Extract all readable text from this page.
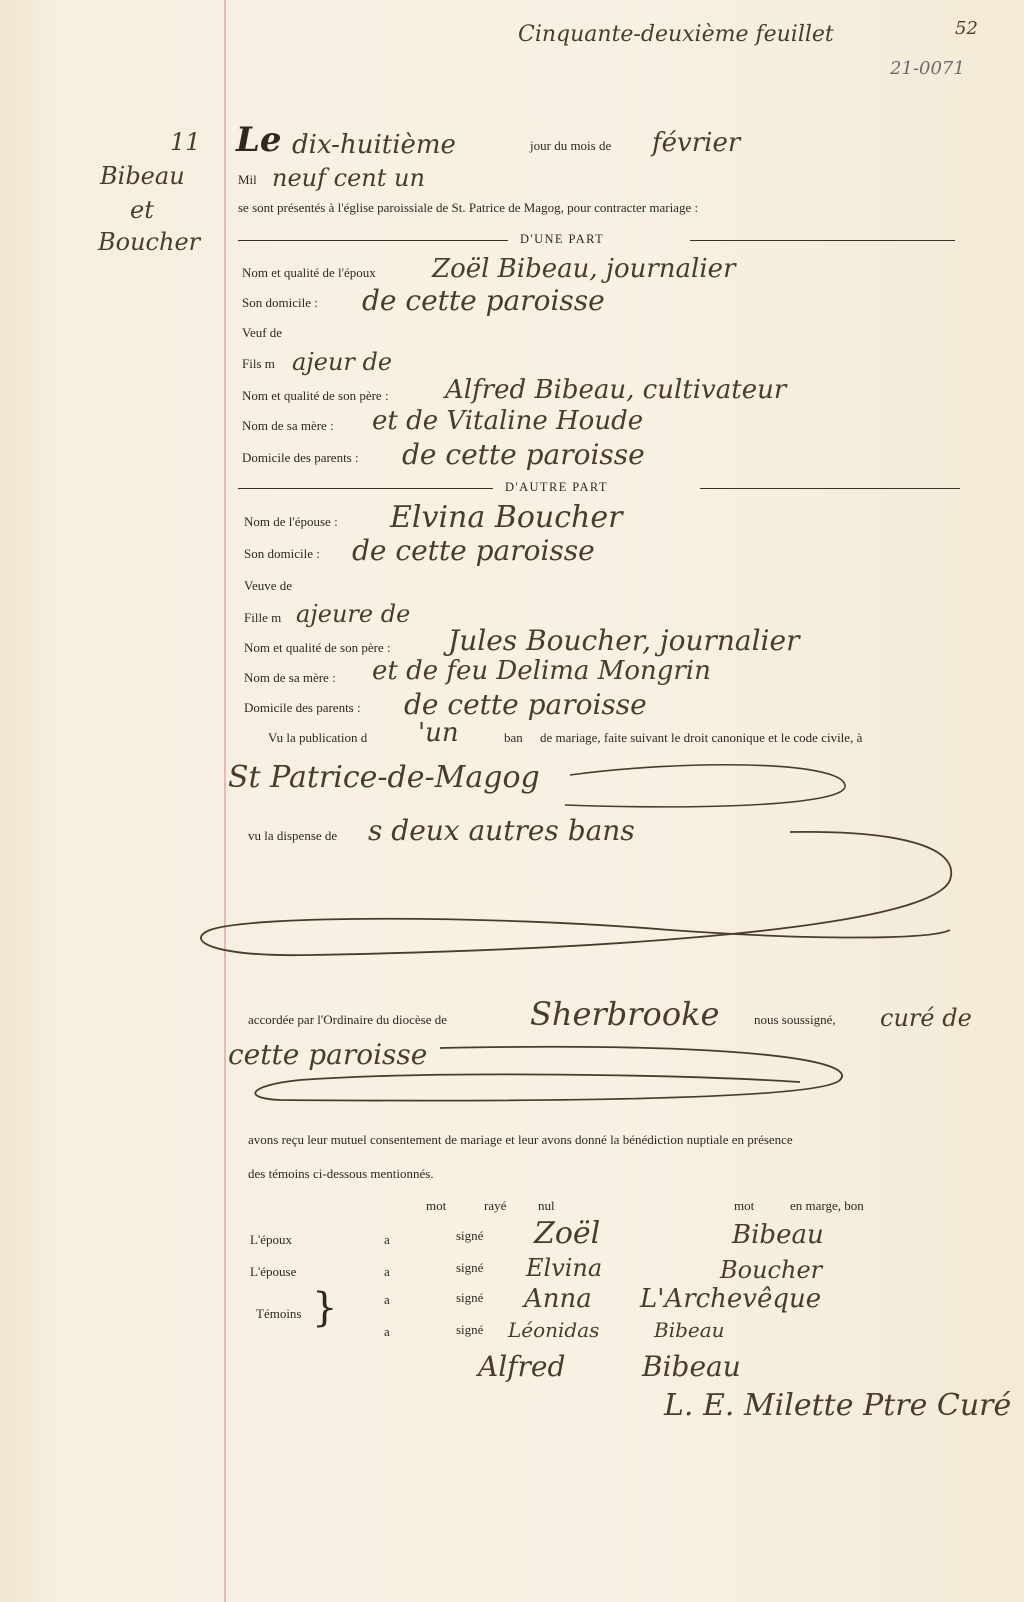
Cinquante-deuxième feuillet	52
21-0071
11
Bibeau
et
Boucher
Le dix-huitième	jour du mois de février
Mil neuf cent un
se sont présentés à l'église paroissiale de St. Patrice de Magog, pour contracter mariage :
D'UNE PART
Nom et qualité de l'époux Zoël Bibeau, journalier
Son domicile : de cette paroisse
Veuf de
Fils m ajeur de
Nom et qualité de son père : Alfred Bibeau, cultivateur
Nom de sa mère : et de Vitaline Houde
Domicile des parents : de cette paroisse
D'AUTRE PART
Nom de l'épouse : Elvina Boucher
Son domicile : de cette paroisse
Veuve de
Fille m ajeure de
Nom et qualité de son père : Jules Boucher, journalier
Nom de sa mère : et de feu Delima Mongrin
Domicile des parents : de cette paroisse
Vu la publication d 'un	ban de mariage, faite suivant le droit canonique et le code civile, à
St Patrice-de-Magog
vu la dispense de s deux autres bans
accordée par l'Ordinaire du diocèse de	Sherbrooke	nous soussigné, curé de
cette paroisse
avons reçu leur mutuel consentement de mariage et leur avons donné la bénédiction nuptiale en présence
des témoins ci-dessous mentionnés.
mot	rayé nul	mot	en marge, bon
L'époux	a	signé Zoël	Bibeau
L'épouse	a	signé Elvina	Boucher
Témoins }	a	signé Anna L'Archevêque
a	signé Léonidas	Bibeau
Alfred	Bibeau
L. E. Milette Ptre Curé
